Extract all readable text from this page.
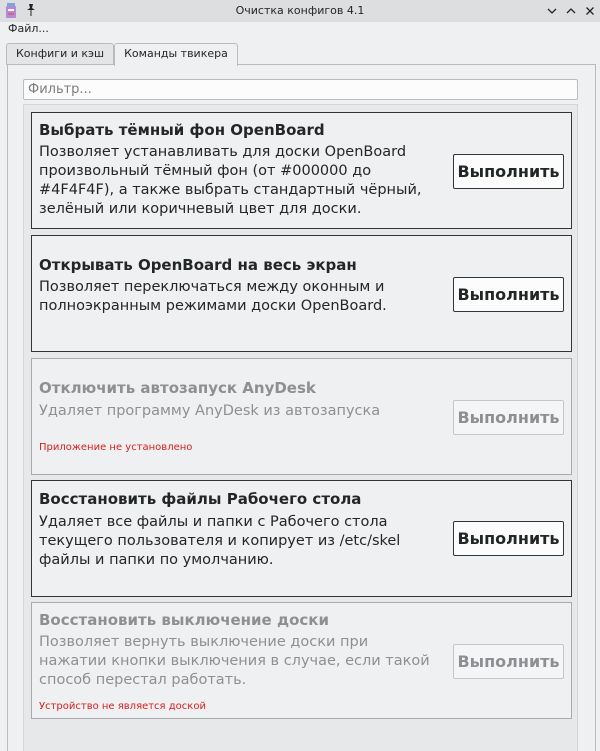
Очистка конфигов 4.1
Файл...
Конфиги и кэш	Команды твикера
Фильтр...
Выбрать тёмный фон OpenBoard
Позволяет устанавливать для доски OpenBoard произвольный тёмный фон (от #000000 до #4F4F4F), а также выбрать стандартный чёрный, зелёный или коричневый цвет для доски.
Выполнить
Открывать OpenBoard на весь экран
Позволяет переключаться между оконным и полноэкранным режимами доски OpenBoard.
Выполнить
Отключить автозапуск AnyDesk
Удаляет программу AnyDesk из автозапуска
Приложение не установлено
Выполнить
Восстановить файлы Рабочего стола
Удаляет все файлы и папки с Рабочего стола текущего пользователя и копирует из /etc/skel файлы и папки по умолчанию.
Выполнить
Восстановить выключение доски
Позволяет вернуть выключение доски при нажатии кнопки выключения в случае, если такой способ перестал работать.
Устройство не является доской
Выполнить
